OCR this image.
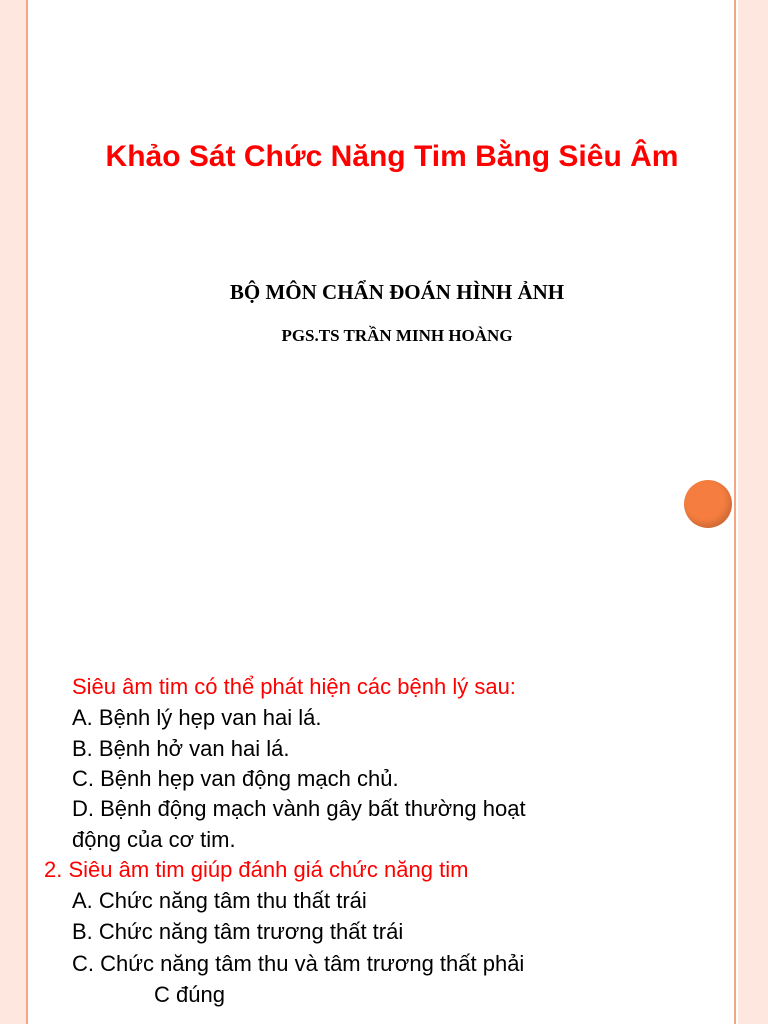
Khảo Sát Chức Năng Tim Bằng Siêu Âm
BỘ MÔN CHẨN ĐOÁN HÌNH ẢNH
PGS.TS TRẦN MINH HOÀNG
Siêu âm tim có thể phát hiện các bệnh lý sau:
A. Bệnh lý hẹp van hai lá.
B. Bệnh hở van hai lá.
C. Bệnh hẹp van động mạch chủ.
D. Bệnh động mạch vành gây bất thường hoạt
động của cơ tim.
2. Siêu âm tim giúp đánh giá chức năng tim
A. Chức năng tâm thu thất trái
B. Chức năng tâm trương thất trái
C. Chức năng tâm thu và tâm trương thất phải
C đúng
